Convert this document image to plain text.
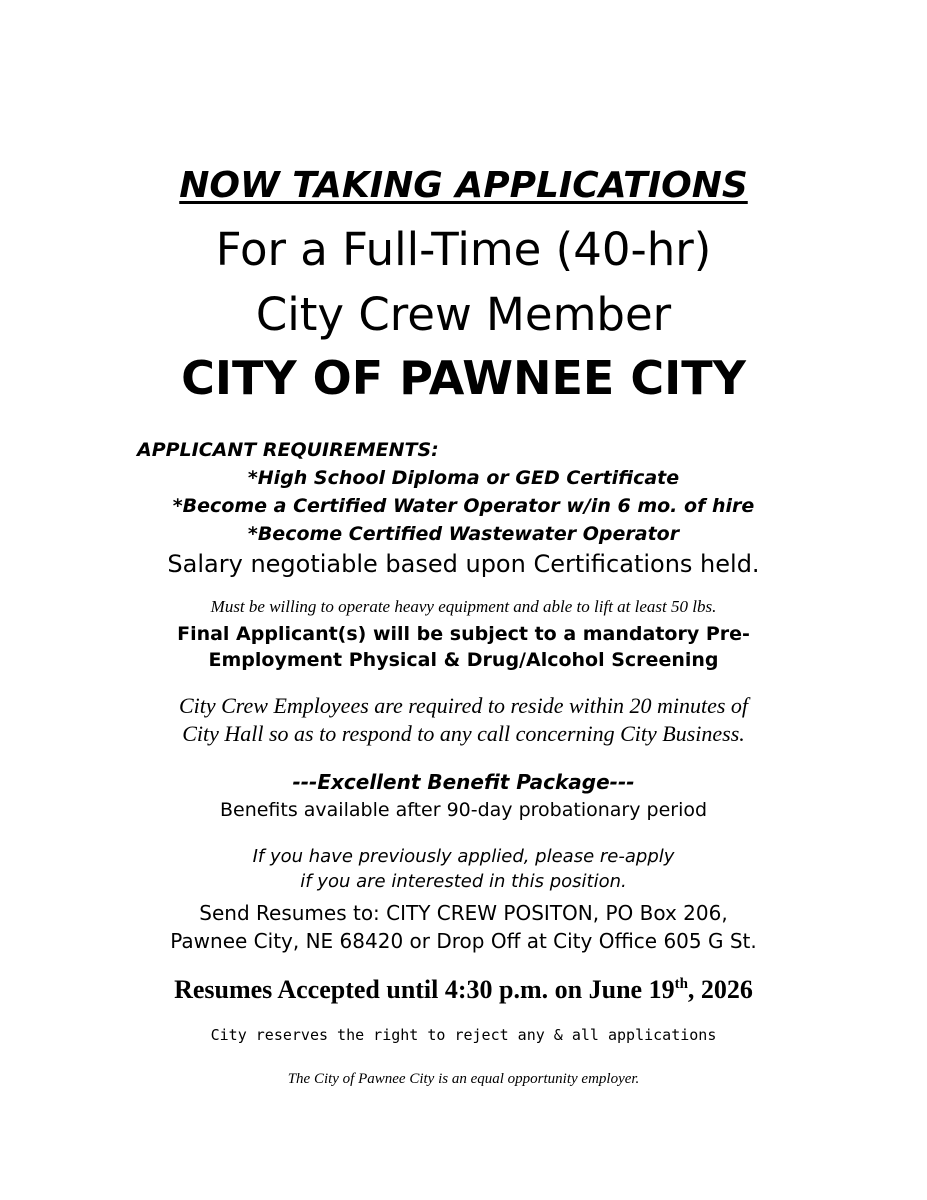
NOW TAKING APPLICATIONS
For a Full-Time (40-hr)
City Crew Member
CITY OF PAWNEE CITY
APPLICANT REQUIREMENTS:
*High School Diploma or GED Certificate
*Become a Certified Water Operator w/in 6 mo. of hire
*Become Certified Wastewater Operator
Salary negotiable based upon Certifications held.
Must be willing to operate heavy equipment and able to lift at least 50 lbs.
Final Applicant(s) will be subject to a mandatory Pre-
Employment Physical & Drug/Alcohol Screening
City Crew Employees are required to reside within 20 minutes of
City Hall so as to respond to any call concerning City Business.
---Excellent Benefit Package---
Benefits available after 90-day probationary period
If you have previously applied, please re-apply
if you are interested in this position.
Send Resumes to: CITY CREW POSITON, PO Box 206,
Pawnee City, NE 68420 or Drop Off at City Office 605 G St.
Resumes Accepted until 4:30 p.m. on June 19th, 2026
City reserves the right to reject any & all applications
The City of Pawnee City is an equal opportunity employer.
